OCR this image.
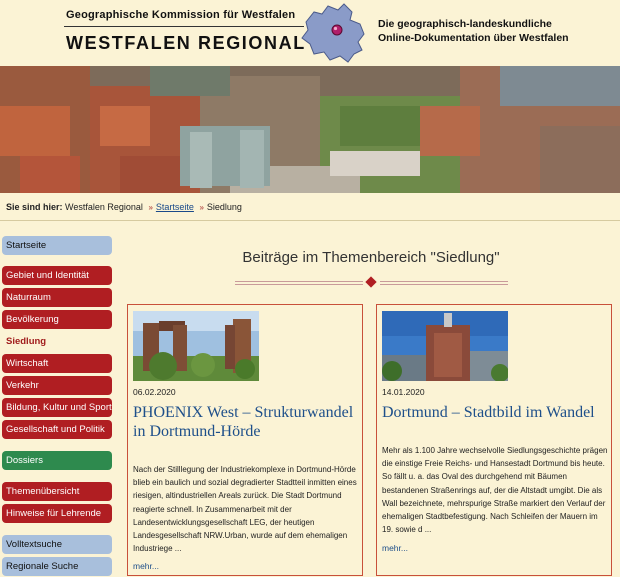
Geographische Kommission für Westfalen
WESTFALEN REGIONAL
Die geographisch-landeskundliche
Online-Dokumentation über Westfalen
Sie sind hier: Westfalen Regional » Startseite » Siedlung
Startseite
Gebiet und Identität
Naturraum
Bevölkerung
Siedlung
Wirtschaft
Verkehr
Bildung, Kultur und Sport
Gesellschaft und Politik
Dossiers
Themenübersicht
Hinweise für Lehrende
Volltextsuche
Regionale Suche
Beiträge im Themenbereich "Siedlung"
06.02.2020
PHOENIX West – Strukturwandel in Dortmund-Hörde
Nach der Stilllegung der Industriekomplexe in Dortmund-Hörde blieb ein baulich und sozial degradierter Stadtteil inmitten eines riesigen, altindustriellen Areals zurück. Die Stadt Dortmund reagierte schnell. In Zusammenarbeit mit der Landesentwicklungsgesellschaft LEG, der heutigen Landesgesellschaft NRW.Urban, wurde auf dem ehemaligen Industriege ...
mehr...
14.01.2020
Dortmund – Stadtbild im Wandel
Mehr als 1.100 Jahre wechselvolle Siedlungsgeschichte prägen die einstige Freie Reichs- und Hansestadt Dortmund bis heute. So fällt u. a. das Oval des durchgehend mit Bäumen bestandenen Straßenrings auf, der die Altstadt umgibt. Die als Wall bezeichnete, mehrspurige Straße markiert den Verlauf der ehemaligen Stadtbefestigung. Nach Schleifen der Mauern im 19. sowie d ...
mehr...
